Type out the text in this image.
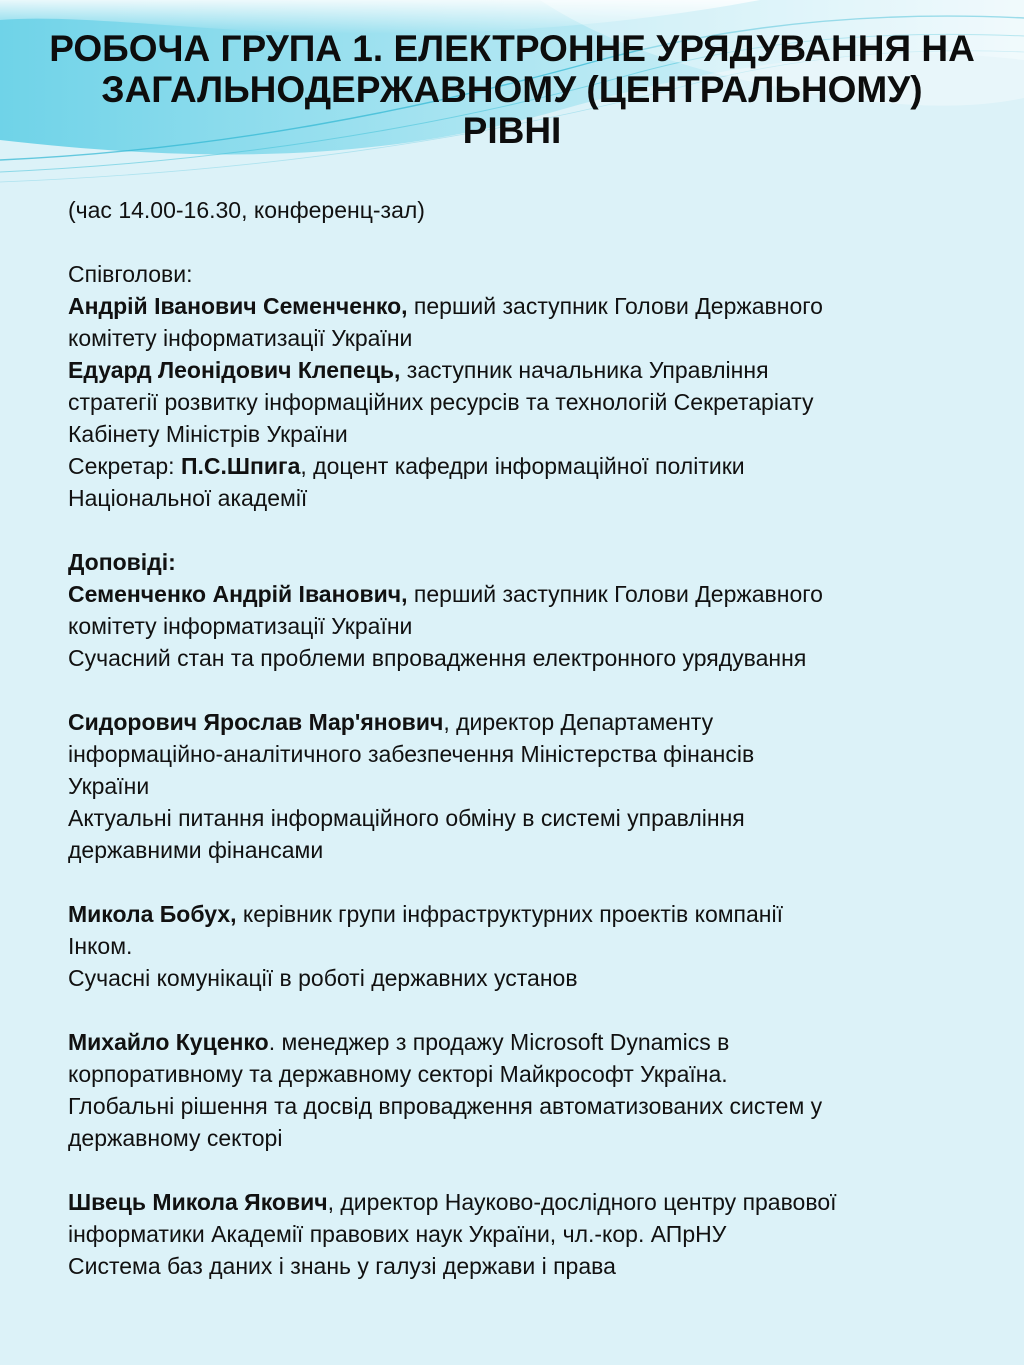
РОБОЧА ГРУПА 1. ЕЛЕКТРОННЕ УРЯДУВАННЯ НА
ЗАГАЛЬНОДЕРЖАВНОМУ (ЦЕНТРАЛЬНОМУ)
РІВНІ
(час 14.00-16.30, конференц-зал)
Співголови:
Андрій Іванович Семенченко, перший заступник Голови Державного
комітету інформатизації України
Едуард Леонідович Клепець, заступник начальника Управління
стратегії розвитку інформаційних ресурсів та технологій Секретаріату
Кабінету Міністрів України
Секретар: П.С.Шпига, доцент кафедри інформаційної політики
Національної академії
Доповіді:
Семенченко Андрій Іванович, перший заступник Голови Державного
комітету інформатизації України
Сучасний стан та проблеми впровадження електронного урядування
Сидорович Ярослав Мар'янович, директор Департаменту
інформаційно-аналітичного забезпечення Міністерства фінансів
України
Актуальні питання інформаційного обміну в системі управління
державними фінансами
Микола Бобух, керівник групи інфраструктурних проектів компанії
Інком.
Сучасні комунікації в роботі державних установ
Михайло Куценко. менеджер з продажу Microsoft Dynamics в
корпоративному та державному секторі Майкрософт Україна.
Глобальні рішення та досвід впровадження автоматизованих систем у
державному секторі
Швець Микола Якович, директор Науково-дослідного центру правової
інформатики Академії правових наук України, чл.-кор. АПрНУ
Система баз даних і знань у галузі держави і права
